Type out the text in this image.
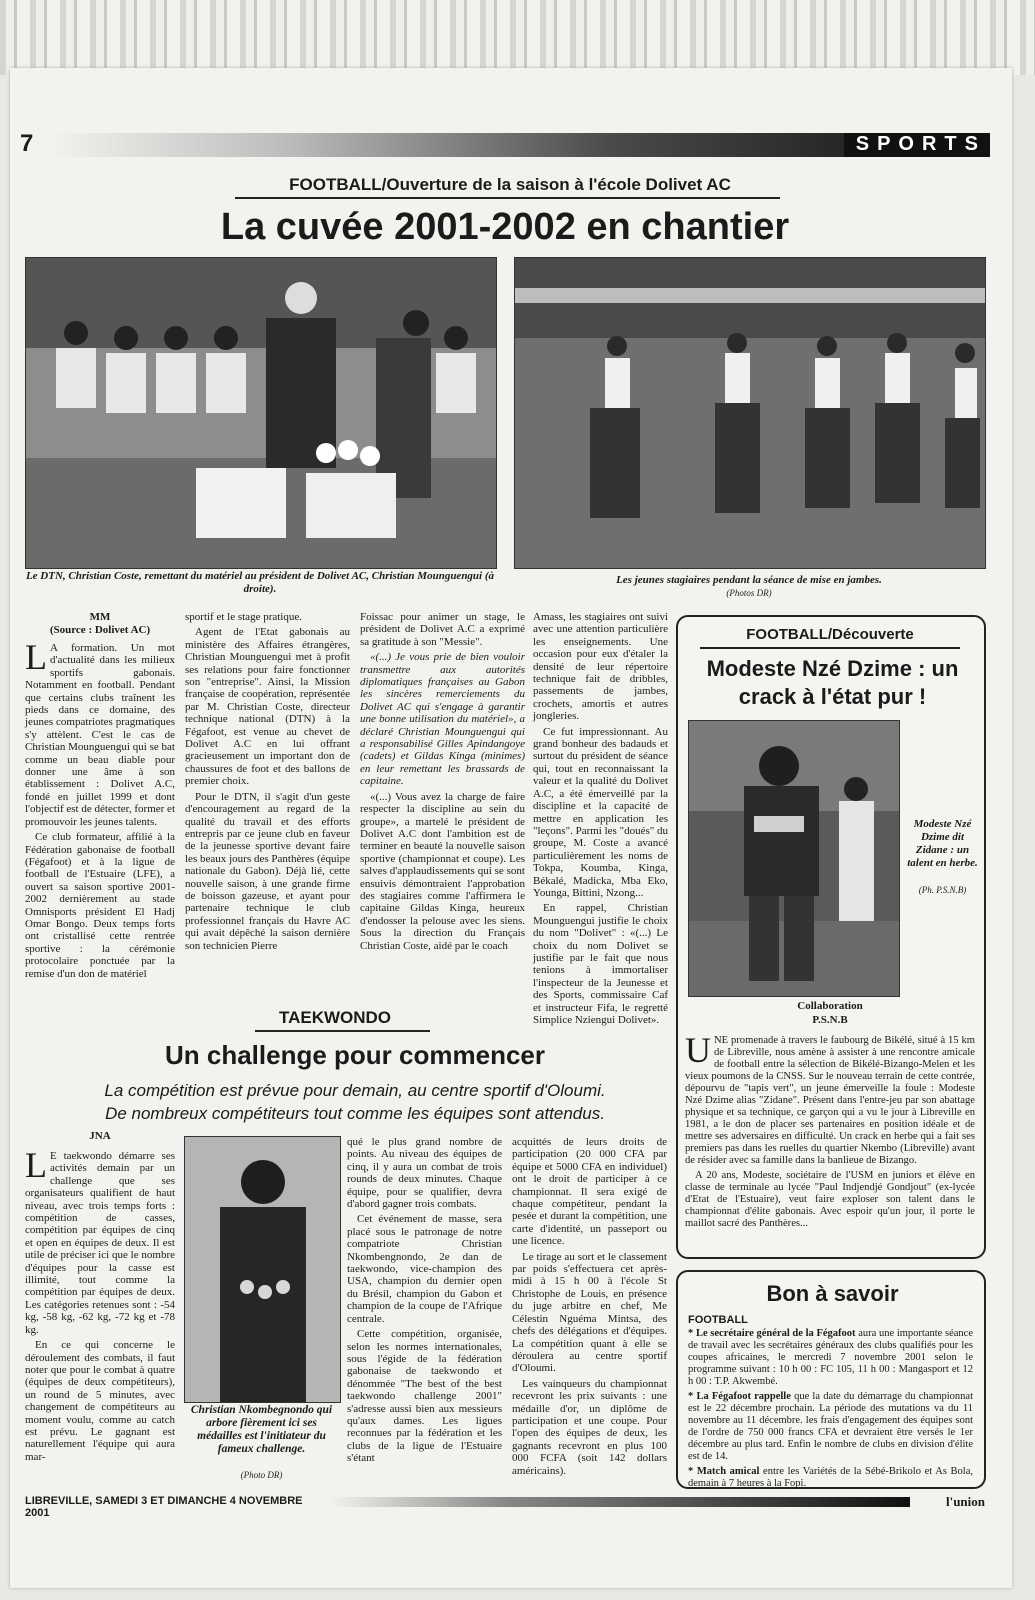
7	SPORTS
FOOTBALL/Ouverture de la saison à l'école Dolivet AC
La cuvée 2001-2002 en chantier
Le DTN, Christian Coste, remettant du matériel au président de Dolivet AC, Christian Mounguengui (à droite).
Les jeunes stagiaires pendant la séance de mise en jambes.
(Photos DR)
MM
(Source : Dolivet AC)

LA formation. Un mot d'actualité dans les milieux sportifs gabonais. Notamment en football. Pendant que certains clubs traînent les pieds dans ce domaine, des jeunes compatriotes pragmatiques s'y attèlent. C'est le cas de Christian Mounguengui qui se bat comme un beau diable pour donner une âme à son établissement : Dolivet A.C, fondé en juillet 1999 et dont l'objectif est de détecter, former et promouvoir les jeunes talents.

Ce club formateur, affilié à la Fédération gabonaise de football (Fégafoot) et à la ligue de football de l'Estuaire (LFE), a ouvert sa saison sportive 2001-2002 dernièrement au stade Omnisports président El Hadj Omar Bongo. Deux temps forts ont cristallisé cette rentrée sportive : la cérémonie protocolaire ponctuée par la remise d'un don de matériel

sportif et le stage pratique.

Agent de l'Etat gabonais au ministère des Affaires étrangères, Christian Mounguengui met à profit ses relations pour faire fonctionner son "entreprise". Ainsi, la Mission française de coopération, représentée par M. Christian Coste, directeur technique national (DTN) à la Fégafoot, est venue au chevet de Dolivet A.C en lui offrant gracieusement un important don de chaussures de foot et des ballons de premier choix.

Pour le DTN, il s'agit d'un geste d'encouragement au regard de la qualité du travail et des efforts entrepris par ce jeune club en faveur de la jeunesse sportive devant faire les beaux jours des Panthères (équipe nationale du Gabon). Déjà lié, cette nouvelle saison, à une grande firme de boisson gazeuse, et ayant pour partenaire technique le club professionnel français du Havre AC qui avait dépêché la saison dernière son technicien Pierre

Foissac pour animer un stage, le président de Dolivet A.C a exprimé sa gratitude à son "Messie".

«(...) Je vous prie de bien vouloir transmettre aux autorités diplomatiques françaises au Gabon les sincères remerciements du Dolivet AC qui s'engage à garantir une bonne utilisation du matériel», a déclaré Christian Mounguengui qui a responsabilisé Gilles Apindangoye (cadets) et Gildas Kinga (minimes) en leur remettant les brassards de capitaine.

«(...) Vous avez la charge de faire respecter la discipline au sein du groupe», a martelé le président de Dolivet A.C dont l'ambition est de terminer en beauté la nouvelle saison sportive (championnat et coupe). Les salves d'applaudissements qui se sont ensuivis démontraient l'approbation des stagiaires comme l'affirmera le capitaine Gildas Kinga, heureux d'endosser la pelouse avec les siens. Sous la direction du Français Christian Coste, aidé par le coach

Amass, les stagiaires ont suivi avec une attention particulière les enseignements. Une occasion pour eux d'étaler la densité de leur répertoire technique fait de dribbles, passements de jambes, crochets, amortis et autres jongleries.

Ce fut impressionnant. Au grand bonheur des badauds et surtout du président de séance qui, tout en reconnaissant la valeur et la qualité du Dolivet A.C, a été émerveillé par la discipline et la capacité de mettre en application les "leçons". Parmi les "doués" du groupe, M. Coste a avancé particulièrement les noms de Tokpa, Koumba, Kinga, Békalé, Madicka, Mba Eko, Younga, Bittini, Nzong...

En rappel, Christian Mounguengui justifie le choix du nom "Dolivet" : «(...) Le choix du nom Dolivet se justifie par le fait que nous tenions à immortaliser l'inspecteur de la Jeunesse et des Sports, commissaire Caf et instructeur Fifa, le regretté Simplice Nziengui Dolivet».

FOOTBALL/Découverte
Modeste Nzé Dzime : un crack à l'état pur !
Modeste Nzé Dzime dit Zidane : un talent en herbe.
(Ph. P.S.N.B)
Collaboration
P.S.N.B

UNE promenade à travers le faubourg de Bikélé, situé à 15 km de Libreville, nous amène à assister à une rencontre amicale de football entre la sélection de Bikélé-Bizango-Melen et les vieux poumons de la CNSS. Sur le nouveau terrain de cette contrée, dépourvu de "tapis vert", un jeune émerveille la foule : Modeste Nzé Dzime alias "Zidane". Présent dans l'entre-jeu par son abattage physique et sa technique, ce garçon qui a vu le jour à Libreville en 1981, a le don de placer ses partenaires en position idéale et de mettre ses adversaires en difficulté. Un crack en herbe qui a fait ses premiers pas dans les ruelles du quartier Nkembo (Libreville) avant de résider avec sa famille dans la banlieue de Bizango.

A 20 ans, Modeste, sociétaire de l'USM en juniors et élève en classe de terminale au lycée "Paul Indjendjé Gondjout" (ex-lycée d'Etat de l'Estuaire), veut faire exploser son talent dans le championnat d'élite gabonais. Avec espoir qu'un jour, il porte le maillot sacré des Panthères...

TAEKWONDO
Un challenge pour commencer
La compétition est prévue pour demain, au centre sportif d'Oloumi.
De nombreux compétiteurs tout comme les équipes sont attendus.
JNA

LE taekwondo démarre ses activités demain par un challenge que ses organisateurs qualifient de haut niveau, avec trois temps forts : compétition de casses, compétition par équipes de cinq et open en équipes de deux. Il est utile de préciser ici que le nombre d'équipes pour la casse est illimité, tout comme la compétition par équipes de deux. Les catégories retenues sont : -54 kg, -58 kg, -62 kg, -72 kg et -78 kg.

En ce qui concerne le déroulement des combats, il faut noter que pour le combat à quatre (équipes de deux compétiteurs), un round de 5 minutes, avec changement de compétiteurs au moment voulu, comme au catch est prévu. Le gagnant est naturellement l'équipe qui aura mar-

Christian Nkombegnondo qui arbore fièrement ici ses médailles est l'initiateur du fameux challenge.
(Photo DR)

qué le plus grand nombre de points. Au niveau des équipes de cinq, il y aura un combat de trois rounds de deux minutes. Chaque équipe, pour se qualifier, devra d'abord gagner trois combats.

Cet événement de masse, sera placé sous le patronage de notre compatriote Christian Nkombengnondo, 2e dan de taekwondo, vice-champion des USA, champion du dernier open du Brésil, champion du Gabon et champion de la coupe de l'Afrique centrale.

Cette compétition, organisée, selon les normes internationales, sous l'égide de la fédération gabonaise de taekwondo et dénommée "The best of the best taekwondo challenge 2001" s'adresse aussi bien aux messieurs qu'aux dames. Les ligues reconnues par la fédération et les clubs de la ligue de l'Estuaire s'étant

acquittés de leurs droits de participation (20 000 CFA par équipe et 5000 CFA en individuel) ont le droit de participer à ce championnat. Il sera exigé de chaque compétiteur, pendant la pesée et durant la compétition, une carte d'identité, un passeport ou une licence.

Le tirage au sort et le classement par poids s'effectuera cet après-midi à 15 h 00 à l'école St Christophe de Louis, en présence du juge arbitre en chef, Me Célestin Nguéma Mintsa, des chefs des délégations et d'équipes. La compétition quant à elle se déroulera au centre sportif d'Oloumi.

Les vainqueurs du championnat recevront les prix suivants : une médaille d'or, un diplôme de participation et une coupe. Pour l'open des équipes de deux, les gagnants recevront en plus 100 000 FCFA (soit 142 dollars américains).

Bon à savoir
FOOTBALL

* Le secrétaire général de la Fégafoot aura une importante séance de travail avec les secrétaires généraux des clubs qualifiés pour les coupes africaines, le mercredi 7 novembre 2001 selon le programme suivant : 10 h 00 : FC 105, 11 h 00 : Mangasport et 12 h 00 : T.P. Akwembé.

* La Fégafoot rappelle que la date du démarrage du championnat est le 22 décembre prochain. La période des mutations va du 11 novembre au 11 décembre. les frais d'engagement des équipes sont de l'ordre de 750 000 francs CFA et devraient être versés le 1er décembre au plus tard. Enfin le nombre de clubs en division d'élite est de 14.

* Match amical entre les Variétés de la Sébé-Brikolo et As Bola, demain à 7 heures à la Fopi.

LIBREVILLE, SAMEDI 3 ET DIMANCHE 4 NOVEMBRE 2001
l'union
